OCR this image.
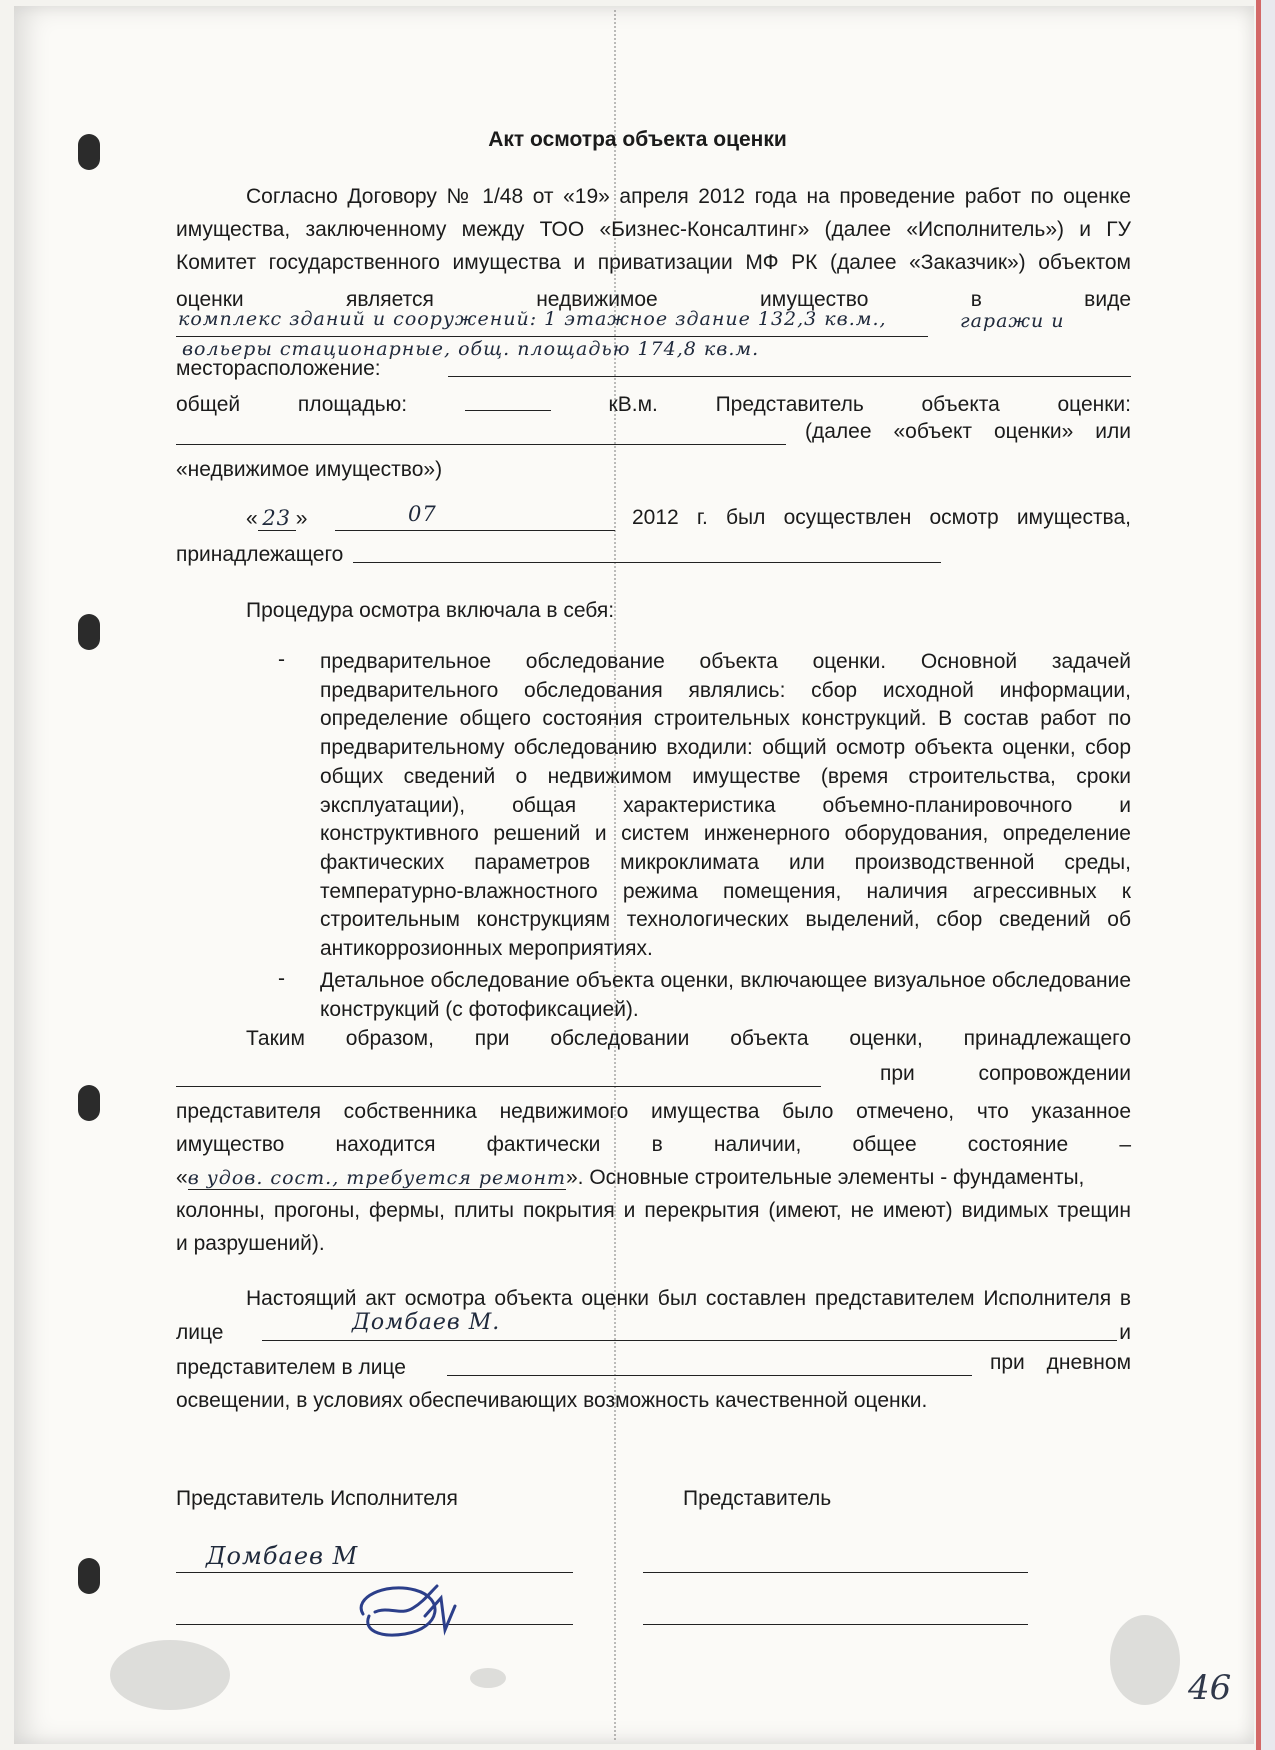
Акт осмотра объекта оценки

Согласно Договору № 1/48 от «19» апреля 2012 года на проведение работ по оценке

имущества, заключенному между ТОО «Бизнес-Консалтинг» (далее «Исполнитель») и ГУ

Комитет государственного имущества и приватизации МФ РК (далее «Заказчик») объектом

оценки является недвижимое имущество в виде

комплекс зданий и сооружений: 1 этажное здание 132,3 кв.м.,	гаражи и
вольеры стационарные, общ. площадью 174,8 кв.м.
месторасположение:
общей площадью:	кВ.м.	Представитель объекта оценки:
(далее «объект оценки» или

«недвижимое имущество»)

« 23 »	07	2012 г. был осуществлен осмотр имущества,
принадлежащего
Процедура осмотра включала в себя:
- предварительное обследование объекта оценки. Основной задачей предварительного обследования являлись: сбор исходной информации, определение общего состояния строительных конструкций. В состав работ по предварительному обследованию входили: общий осмотр объекта оценки, сбор общих сведений о недвижимом имуществе (время строительства, сроки эксплуатации), общая характеристика объемно-планировочного и конструктивного решений и систем инженерного оборудования, определение фактических параметров микроклимата или производственной среды, температурно-влажностного режима помещения, наличия агрессивных к строительным конструкциям технологических выделений, сбор сведений об антикоррозионных мероприятиях.

- Детальное обследование объекта оценки, включающее визуальное обследование конструкций (с фотофиксацией).

Таким образом, при обследовании объекта оценки, принадлежащего

при сопровождении

представителя собственника недвижимого имущества было отмечено, что указанное

имущество находится фактически в наличии, общее состояние –

«в удов. сост., требуется ремонт». Основные строительные элементы - фундаменты,

колонны, прогоны, фермы, плиты покрытия и перекрытия (имеют, не имеют) видимых трещин

и разрушений).

Настоящий акт осмотра объекта оценки был составлен представителем Исполнителя в

лице	и
Домбаев М.
представителем в лице	при дневном

освещении, в условиях обеспечивающих возможность качественной оценки.

Представитель Исполнителя	Представитель
Домбаев М
46
